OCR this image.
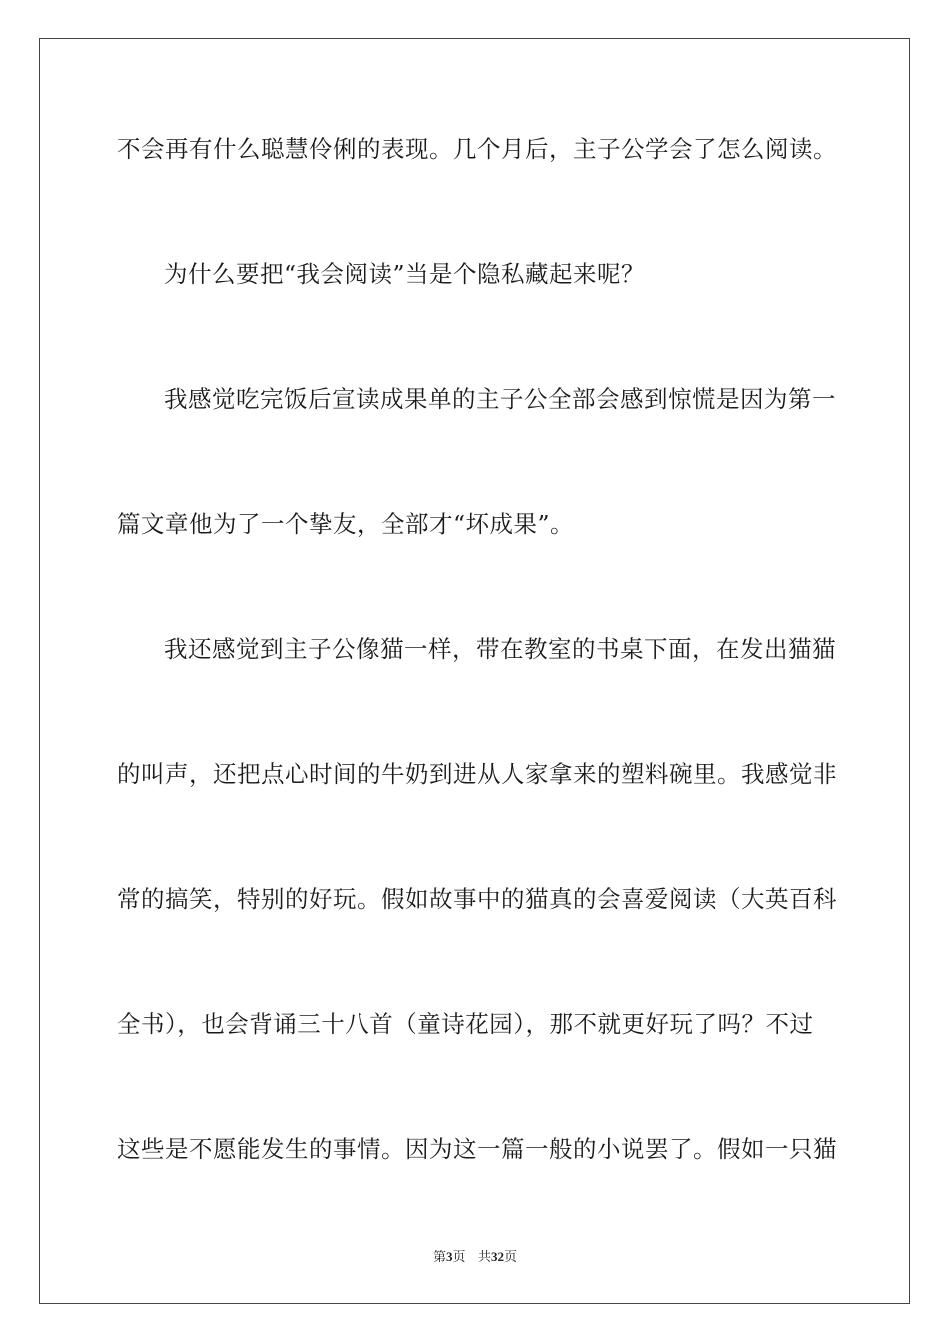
不会再有什么聪慧伶俐的表现。几个月后，主子公学会了怎么阅读。
为什么要把“我会阅读”当是个隐私藏起来呢？
我感觉吃完饭后宣读成果单的主子公全部会感到惊慌是因为第一
篇文章他为了一个挚友，全部才“坏成果”。
我还感觉到主子公像猫一样，带在教室的书桌下面，在发出猫猫
的叫声，还把点心时间的牛奶到进从人家拿来的塑料碗里。我感觉非
常的搞笑，特别的好玩。假如故事中的猫真的会喜爱阅读（大英百科
全书），也会背诵三十八首（童诗花园），那不就更好玩了吗？不过
这些是不愿能发生的事情。因为这一篇一般的小说罢了。假如一只猫
第3页 共32页
